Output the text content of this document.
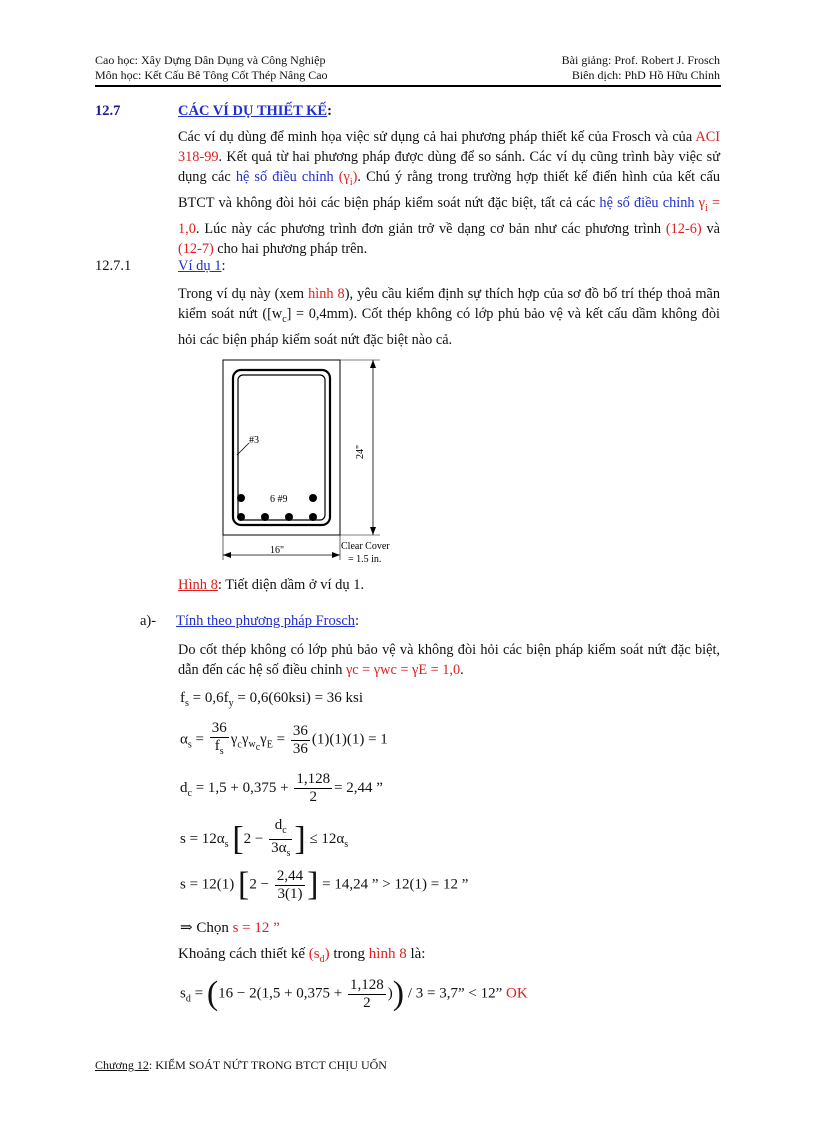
Cao học: Xây Dựng Dân Dụng và Công Nghiệp
Môn học: Kết Cấu Bê Tông Cốt Thép Nâng Cao
Bài giảng: Prof. Robert J. Frosch
Biên dịch: PhD Hồ Hữu Chỉnh
12.7	CÁC VÍ DỤ THIẾT KẾ:
Các ví dụ dùng để minh họa việc sử dụng cả hai phương pháp thiết kế của Frosch và của ACI 318-99. Kết quả từ hai phương pháp được dùng để so sánh. Các ví dụ cũng trình bày việc sử dụng các hệ số điều chỉnh $(\gamma_i)$. Chú ý rằng trong trường hợp thiết kế điển hình của kết cấu BTCT và không đòi hỏi các biện pháp kiểm soát nứt đặc biệt, tất cả các hệ số điều chỉnh $\gamma_i = 1,0$. Lúc này các phương trình đơn giản trở về dạng cơ bản như các phương trình (12-6) và (12-7) cho hai phương pháp trên.
12.7.1	Ví dụ 1:
Trong ví dụ này (xem hình 8), yêu cầu kiểm định sự thích hợp của sơ đồ bố trí thép thoả mãn kiểm soát nứt $([w_c] = 0,4mm)$. Cốt thép không có lớp phủ bảo vệ và kết cấu dầm không đòi hỏi các biện pháp kiểm soát nứt đặc biệt nào cả.
#3
6 #9
24"
16"	Clear Cover
= 1.5 in.
Hình 8: Tiết diện dầm ở ví dụ 1.
a)- Tính theo phương pháp Frosch:
Do cốt thép không có lớp phủ bảo vệ và không đòi hỏi các biện pháp kiểm soát nứt đặc biệt, dẫn đến các hệ số điều chỉnh γc = γwc = γE = 1,0.
$f_s = 0,6f_y = 0,6(60ksi) = 36$ ksi
$\alpha_s = \frac{36}{f_s} \gamma_c\gamma_{w_c}\gamma_E = \frac{36}{36} (1)(1)(1) = 1$
$d_c = 1,5 + 0,375 + \frac{1,128}{2} = 2,44$ ”
$s = 12\alpha_s$ [$2 - \frac{d_c}{3\alpha_s}$ ] ≤ $12\alpha_s$
s = 12(1) [$2 - \frac{2,44}{3(1)}$ ] = 14,24 ” > 12(1) = 12 ”
⇒ Chọn s = 12 ”
Khoảng cách thiết kế $(s_d)$ trong hình 8 là:
$s_d = (16 - 2(1,5 + 0,375 + \frac{1,128}{2}$ )) / 3 = 3,7” < 12” OK
Chương 12: KIỂM SOÁT NỨT TRONG BTCT CHỊU UỐN
